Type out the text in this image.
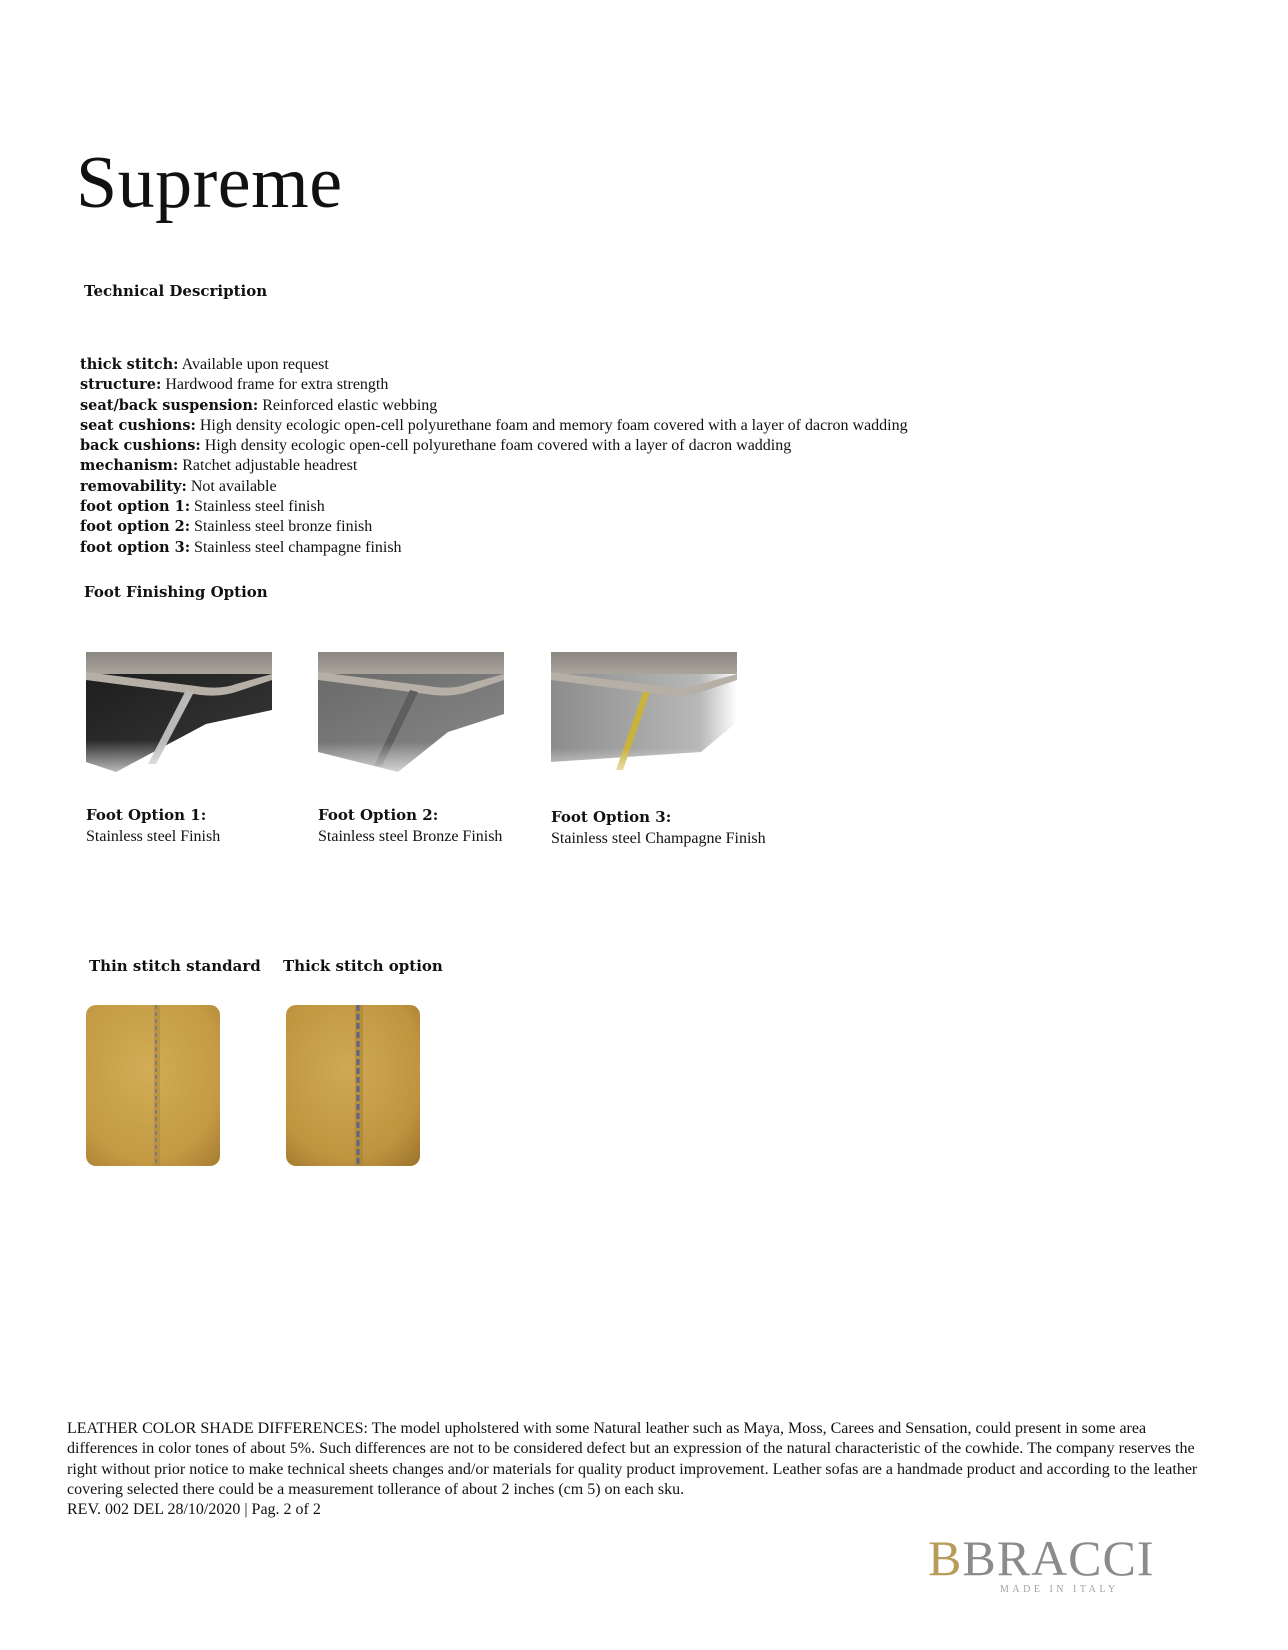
Supreme
Technical Description
thick stitch: Available upon request
structure: Hardwood frame for extra strength
seat/back suspension: Reinforced elastic webbing
seat cushions: High density ecologic open-cell polyurethane foam and memory foam covered with a layer of dacron wadding
back cushions: High density ecologic open-cell polyurethane foam covered with a layer of dacron wadding
mechanism: Ratchet adjustable headrest
removability: Not available
foot option 1: Stainless steel finish
foot option 2: Stainless steel bronze finish
foot option 3: Stainless steel champagne finish
Foot Finishing Option
Foot Option 1:
Stainless steel Finish
Foot Option 2:
Stainless steel Bronze Finish
Foot Option 3:
Stainless steel Champagne Finish
Thin stitch standard Thick stitch option
LEATHER COLOR SHADE DIFFERENCES: The model upholstered with some Natural leather such as Maya, Moss, Carees and Sensation, could present in some area differences in color tones of about 5%. Such differences are not to be considered defect but an expression of the natural characteristic of the cowhide. The company reserves the right without prior notice to make technical sheets changes and/or materials for quality product improvement. Leather sofas are a handmade product and according to the leather covering selected there could be a measurement tollerance of about 2 inches (cm 5) on each sku.
REV. 002 DEL 28/10/2020 | Pag. 2 of 2
BBRACCI
MADE IN ITALY
